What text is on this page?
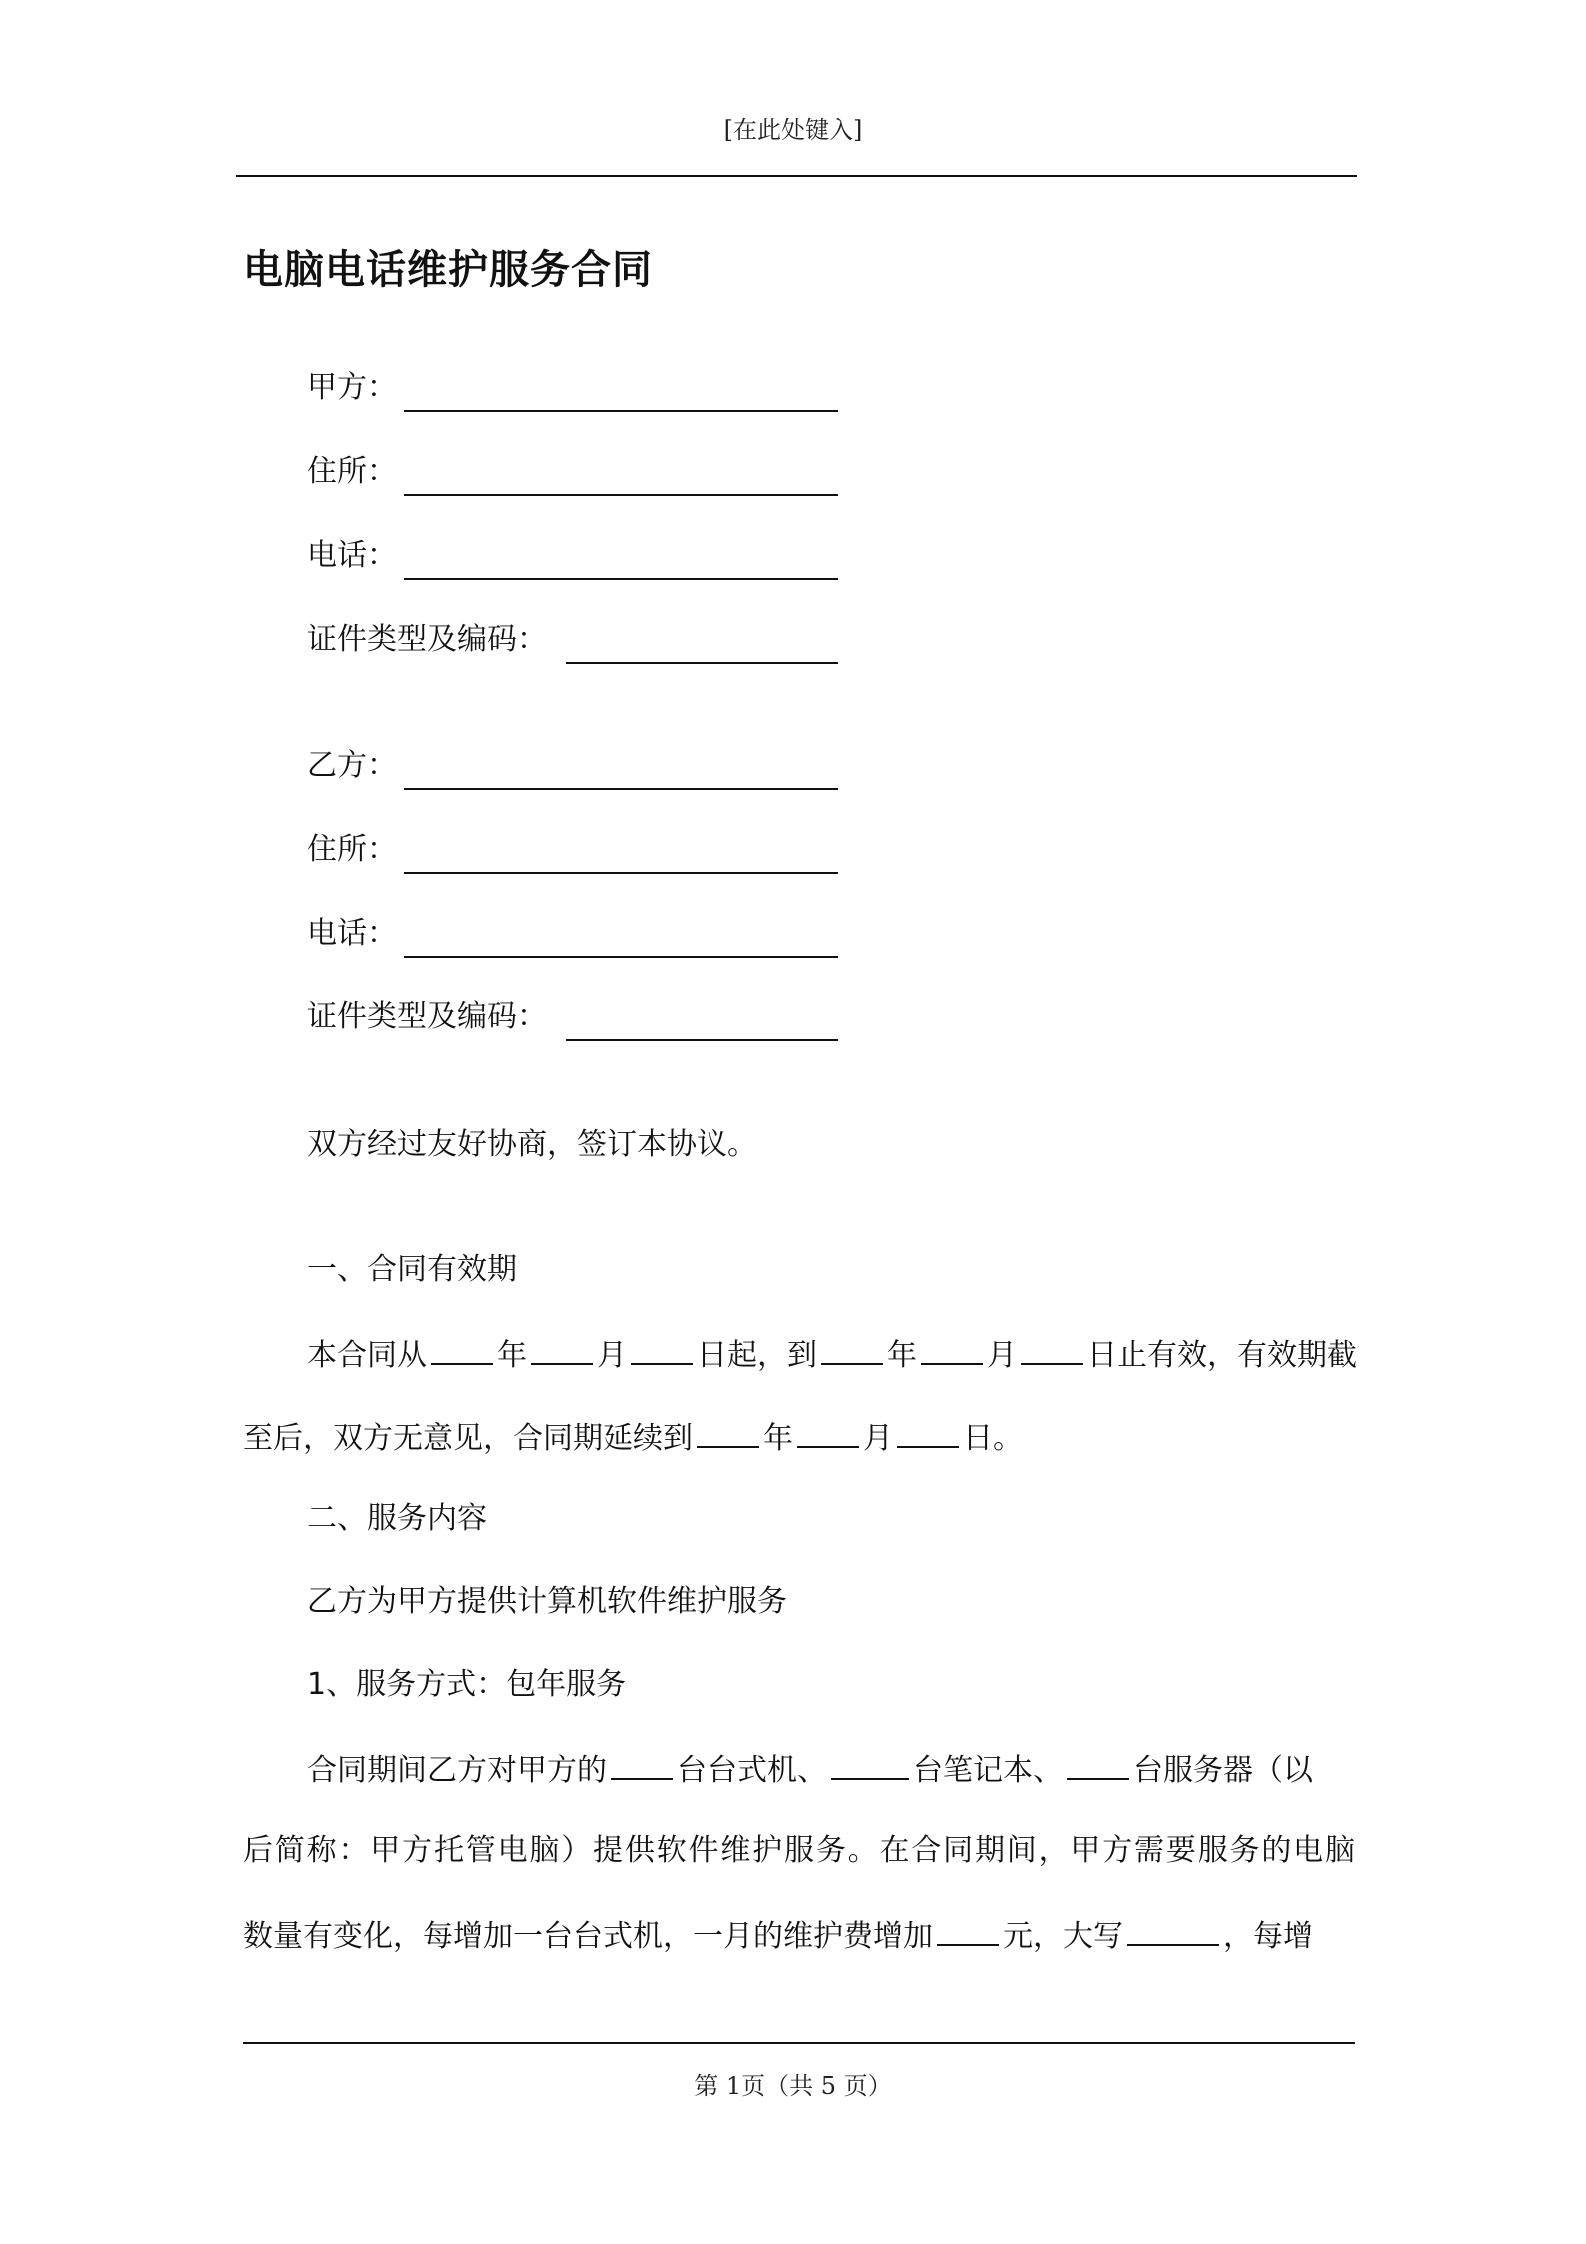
[在此处键入]
电脑电话维护服务合同
甲方：
住所：
电话：
证件类型及编码：
乙方：
住所：
电话：
证件类型及编码：
双方经过友好协商，签订本协议。
一、合同有效期
本合同从 年 月 日起，到 年 月 日止有效，有效期截
至后，双方无意见，合同期延续到 年 月 日。
二、服务内容
乙方为甲方提供计算机软件维护服务
1、服务方式：包年服务
合同期间乙方对甲方的 台台式机、	台笔记本、 台服务器（以
后简称：甲方托管电脑）提供软件维护服务。在合同期间，甲方需要服务的电脑
数量有变化，每增加一台台式机，一月的维护费增加 元，大写	，每增
第 1页（共 5 页）
